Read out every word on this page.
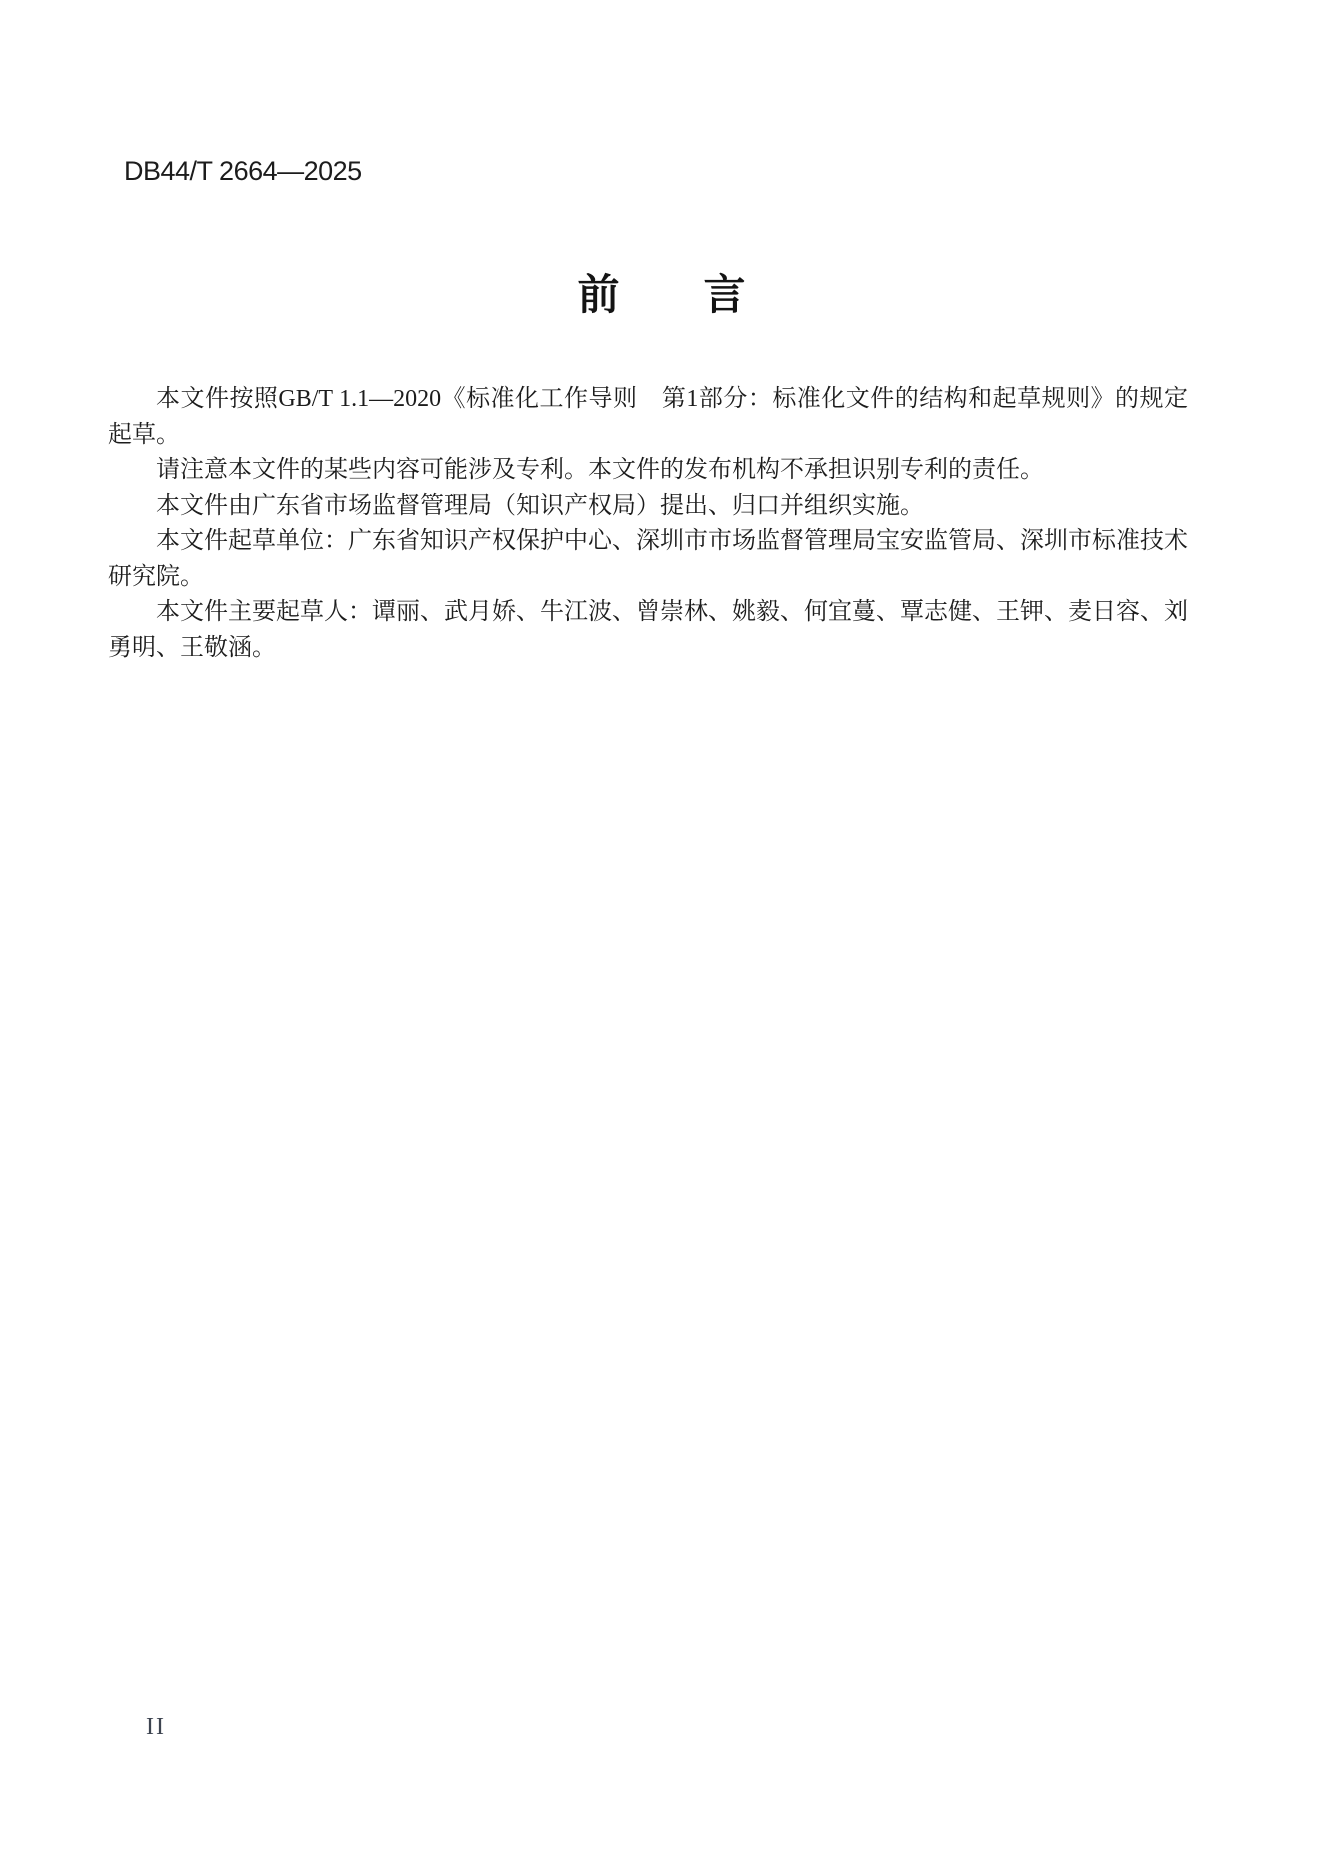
DB44/T 2664—2025
前　　言

本文件按照GB/T 1.1—2020《标准化工作导则　第1部分：标准化文件的结构和起草规则》的规定起草。

请注意本文件的某些内容可能涉及专利。本文件的发布机构不承担识别专利的责任。

本文件由广东省市场监督管理局（知识产权局）提出、归口并组织实施。

本文件起草单位：广东省知识产权保护中心、深圳市市场监督管理局宝安监管局、深圳市标准技术研究院。

本文件主要起草人：谭丽、武月娇、牛江波、曾崇林、姚毅、何宜蔓、覃志健、王钾、麦日容、刘勇明、王敬涵。

II
